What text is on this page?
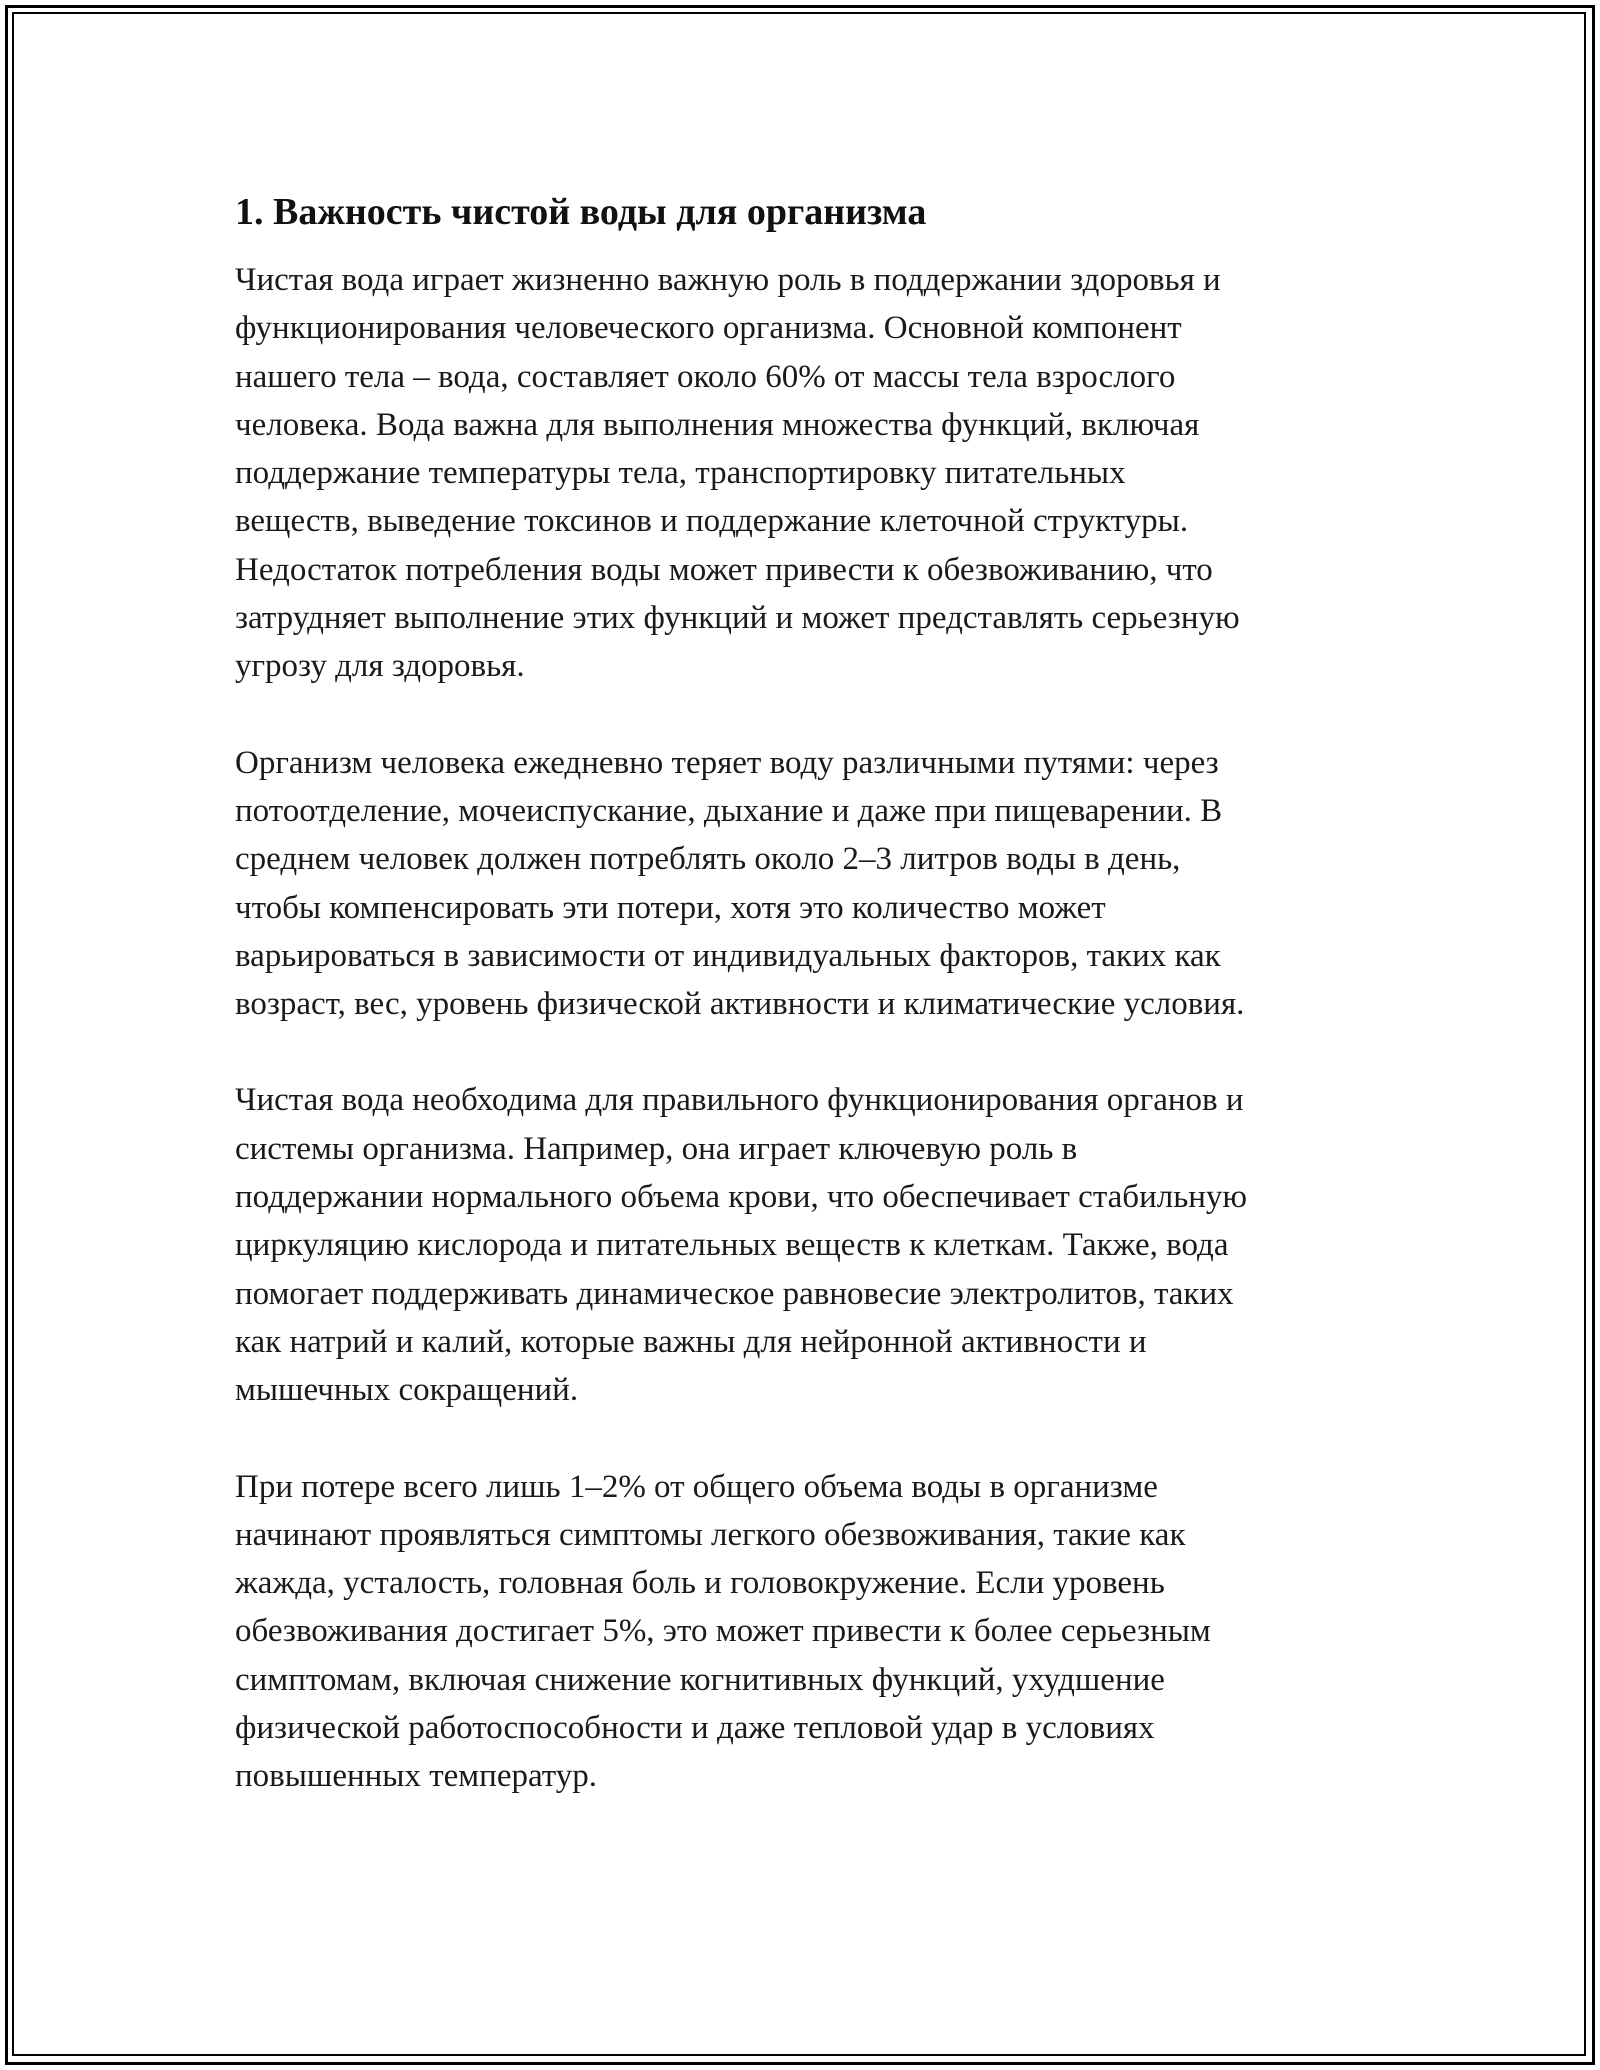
1. Важность чистой воды для организма

Чистая вода играет жизненно важную роль в поддержании здоровья и
функционирования человеческого организма. Основной компонент
нашего тела – вода, составляет около 60% от массы тела взрослого
человека. Вода важна для выполнения множества функций, включая
поддержание температуры тела, транспортировку питательных
веществ, выведение токсинов и поддержание клеточной структуры.
Недостаток потребления воды может привести к обезвоживанию, что
затрудняет выполнение этих функций и может представлять серьезную
угрозу для здоровья.

Организм человека ежедневно теряет воду различными путями: через
потоотделение, мочеиспускание, дыхание и даже при пищеварении. В
среднем человек должен потреблять около 2–3 литров воды в день,
чтобы компенсировать эти потери, хотя это количество может
варьироваться в зависимости от индивидуальных факторов, таких как
возраст, вес, уровень физической активности и климатические условия.

Чистая вода необходима для правильного функционирования органов и
системы организма. Например, она играет ключевую роль в
поддержании нормального объема крови, что обеспечивает стабильную
циркуляцию кислорода и питательных веществ к клеткам. Также, вода
помогает поддерживать динамическое равновесие электролитов, таких
как натрий и калий, которые важны для нейронной активности и
мышечных сокращений.

При потере всего лишь 1–2% от общего объема воды в организме
начинают проявляться симптомы легкого обезвоживания, такие как
жажда, усталость, головная боль и головокружение. Если уровень
обезвоживания достигает 5%, это может привести к более серьезным
симптомам, включая снижение когнитивных функций, ухудшение
физической работоспособности и даже тепловой удар в условиях
повышенных температур.
